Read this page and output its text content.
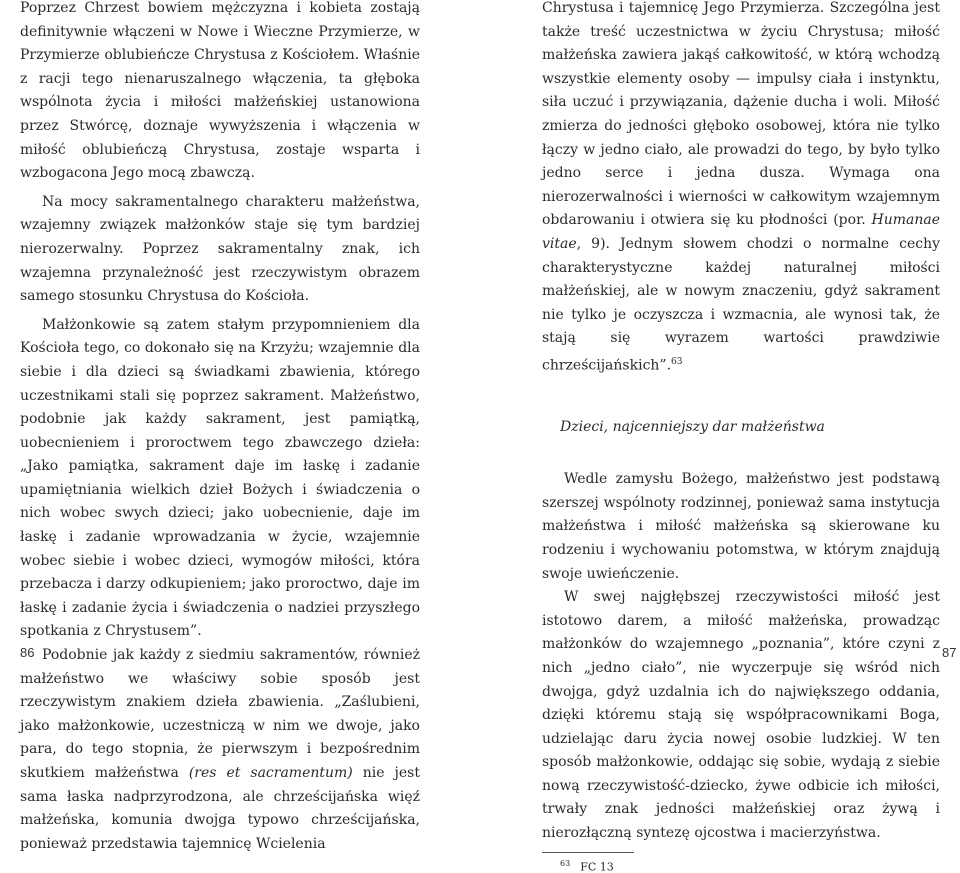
Poprzez Chrzest bowiem mężczyzna i kobieta zostają definitywnie włączeni w Nowe i Wieczne Przymierze, w Przymierze oblubieńcze Chrystusa z Kościołem. Właśnie z racji tego nienaruszalnego włączenia, ta głęboka wspólnota życia i miłości małżeńskiej ustanowiona przez Stwórcę, doznaje wywyższenia i włączenia w miłość oblubieńczą Chrystusa, zostaje wsparta i wzbogacona Jego mocą zbawczą.

Na mocy sakramentalnego charakteru małżeństwa, wzajemny związek małżonków staje się tym bardziej nierozerwalny. Poprzez sakramentalny znak, ich wzajemna przynależność jest rzeczywistym obrazem samego stosunku Chrystusa do Kościoła.

Małżonkowie są zatem stałym przypomnieniem dla Kościoła tego, co dokonało się na Krzyżu; wzajemnie dla siebie i dla dzieci są świadkami zbawienia, którego uczestnikami stali się poprzez sakrament. Małżeństwo, podobnie jak każdy sakrament, jest pamiątką, uobecnieniem i proroctwem tego zbawczego dzieła: „Jako pamiątka, sakrament daje im łaskę i zadanie upamiętniania wielkich dzieł Bożych i świadczenia o nich wobec swych dzieci; jako uobecnienie, daje im łaskę i zadanie wprowadzania w życie, wzajemnie wobec siebie i wobec dzieci, wymogów miłości, która przebacza i darzy odkupieniem; jako proroctwo, daje im łaskę i zadanie życia i świadczenia o nadziei przyszłego spotkania z Chrystusem”.

Podobnie jak każdy z siedmiu sakramentów, również małżeństwo we właściwy sobie sposób jest rzeczywistym znakiem dzieła zbawienia. „Zaślubieni, jako małżonkowie, uczestniczą w nim we dwoje, jako para, do tego stopnia, że pierwszym i bezpośrednim skutkiem małżeństwa (res et sacramentum) nie jest sama łaska nadprzyrodzona, ale chrześcijańska więź małżeńska, komunia dwojga typowo chrześcijańska, ponieważ przedstawia tajemnicę Wcielenia

86

Chrystusa i tajemnicę Jego Przymierza. Szczególna jest także treść uczestnictwa w życiu Chrystusa; miłość małżeńska zawiera jakąś całkowitość, w którą wchodzą wszystkie elementy osoby — impulsy ciała i instynktu, siła uczuć i przywiązania, dążenie ducha i woli. Miłość zmierza do jedności głęboko osobowej, która nie tylko łączy w jedno ciało, ale prowadzi do tego, by było tylko jedno serce i jedna dusza. Wymaga ona nierozerwalności i wierności w całkowitym wzajemnym obdarowaniu i otwiera się ku płodności (por. Humanae vitae, 9). Jednym słowem chodzi o normalne cechy charakterystyczne każdej naturalnej miłości małżeńskiej, ale w nowym znaczeniu, gdyż sakrament nie tylko je oczyszcza i wzmacnia, ale wynosi tak, że stają się wyrazem wartości prawdziwie chrześcijańskich”.$^{63}$

Dzieci, najcenniejszy dar małżeństwa

Wedle zamysłu Bożego, małżeństwo jest podstawą szerszej wspólnoty rodzinnej, ponieważ sama instytucja małżeństwa i miłość małżeńska są skierowane ku rodzeniu i wychowaniu potomstwa, w którym znajdują swoje uwieńczenie.

W swej najgłębszej rzeczywistości miłość jest istotowo darem, a miłość małżeńska, prowadząc małżonków do wzajemnego „poznania”, które czyni z nich „jedno ciało”, nie wyczerpuje się wśród nich dwojga, gdyż uzdalnia ich do największego oddania, dzięki któremu stają się współpracownikami Boga, udzielając daru życia nowej osobie ludzkiej. W ten sposób małżonkowie, oddając się sobie, wydają z siebie nową rzeczywistość-dziecko, żywe odbicie ich miłości, trwały znak jedności małżeńskiej oraz żywą i nierozłączną syntezę ojcostwa i macierzyństwa.

$^{63}$ FC 13
87
